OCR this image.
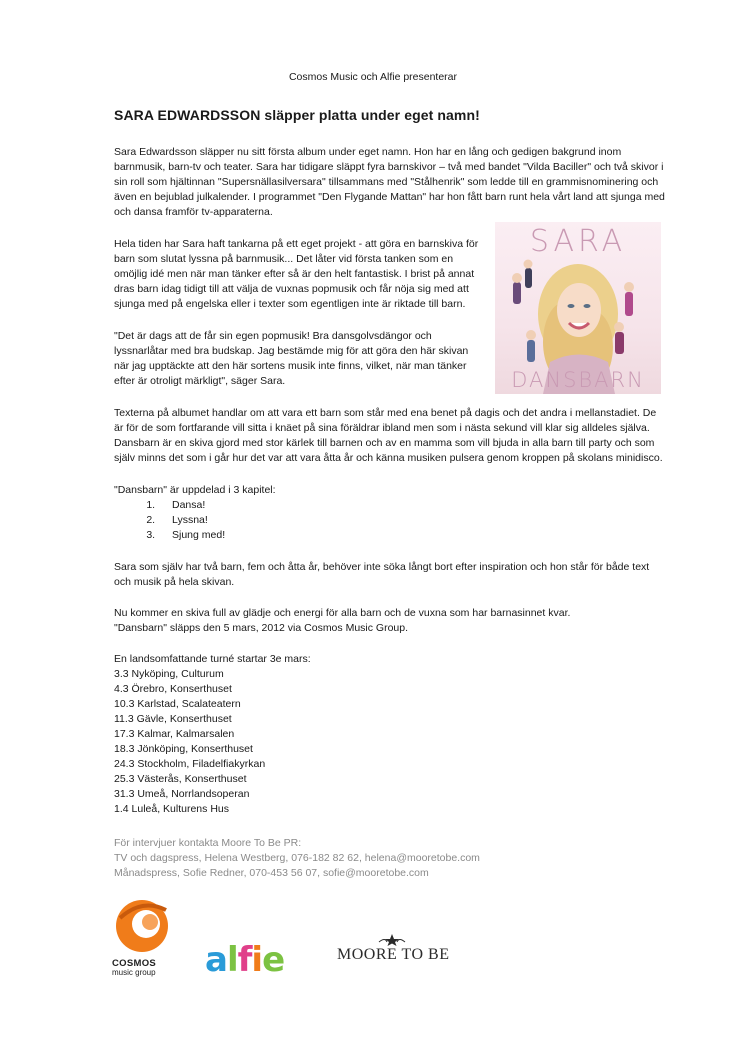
Cosmos Music och Alfie presenterar
SARA EDWARDSSON släpper platta under eget namn!

Sara Edwardsson släpper nu sitt första album under eget namn. Hon har en lång och gedigen bakgrund inom barnmusik, barn-tv och teater. Sara har tidigare släppt fyra barnskivor – två med bandet "Vilda Baciller" och två skivor i sin roll som hjältinnan "Supersnällasilversara" tillsammans med "Stålhenrik" som ledde till en grammisnominering och även en bejublad julkalender. I programmet "Den Flygande Mattan" har hon fått barn runt hela vårt land att sjunga med och dansa framför tv-apparaterna.

Hela tiden har Sara haft tankarna på ett eget projekt - att göra en barnskiva för barn som slutat lyssna på barnmusik... Det låter vid första tanken som en omöjlig idé men när man tänker efter så är den helt fantastisk. I brist på annat dras barn idag tidigt till att välja de vuxnas popmusik och får nöja sig med att sjunga med på engelska eller i texter som egentligen inte är riktade till barn.

"Det är dags att de får sin egen popmusik! Bra dansgolvsdängor och lyssnarlåtar med bra budskap. Jag bestämde mig för att göra den här skivan när jag upptäckte att den här sortens musik inte finns, vilket, när man tänker efter är otroligt märkligt", säger Sara.

SARA
DANSBARN

Texterna på albumet handlar om att vara ett barn som står med ena benet på dagis och det andra i mellanstadiet. De är för de som fortfarande vill sitta i knäet på sina föräldrar ibland men som i nästa sekund vill klar sig alldeles själva. Dansbarn är en skiva gjord med stor kärlek till barnen och av en mamma som vill bjuda in alla barn till party och som själv minns det som i går hur det var att vara åtta år och känna musiken pulsera genom kroppen på skolans minidisco.

"Dansbarn" är uppdelad i 3 kapitel:

1. Dansa!
2. Lyssna!
3. Sjung med!

Sara som själv har två barn, fem och åtta år, behöver inte söka långt bort efter inspiration och hon står för både text och musik på hela skivan.

Nu kommer en skiva full av glädje och energi för alla barn och de vuxna som har barnasinnet kvar.

"Dansbarn" släpps den 5 mars, 2012 via Cosmos Music Group.

En landsomfattande turné startar 3e mars:

3.3 Nyköping, Culturum
4.3 Örebro, Konserthuset
10.3 Karlstad, Scalateatern
11.3 Gävle, Konserthuset
17.3 Kalmar, Kalmarsalen
18.3 Jönköping, Konserthuset
24.3 Stockholm, Filadelfiakyrkan
25.3 Västerås, Konserthuset
31.3 Umeå, Norrlandsoperan
1.4 Luleå, Kulturens Hus
För intervjuer kontakta Moore To Be PR:
TV och dagspress, Helena Westberg, 076-182 82 62, helena@mooretobe.com
Månadspress, Sofie Redner, 070-453 56 07, sofie@mooretobe.com
COSMOS
music group	alfie	MOORE TO BE
